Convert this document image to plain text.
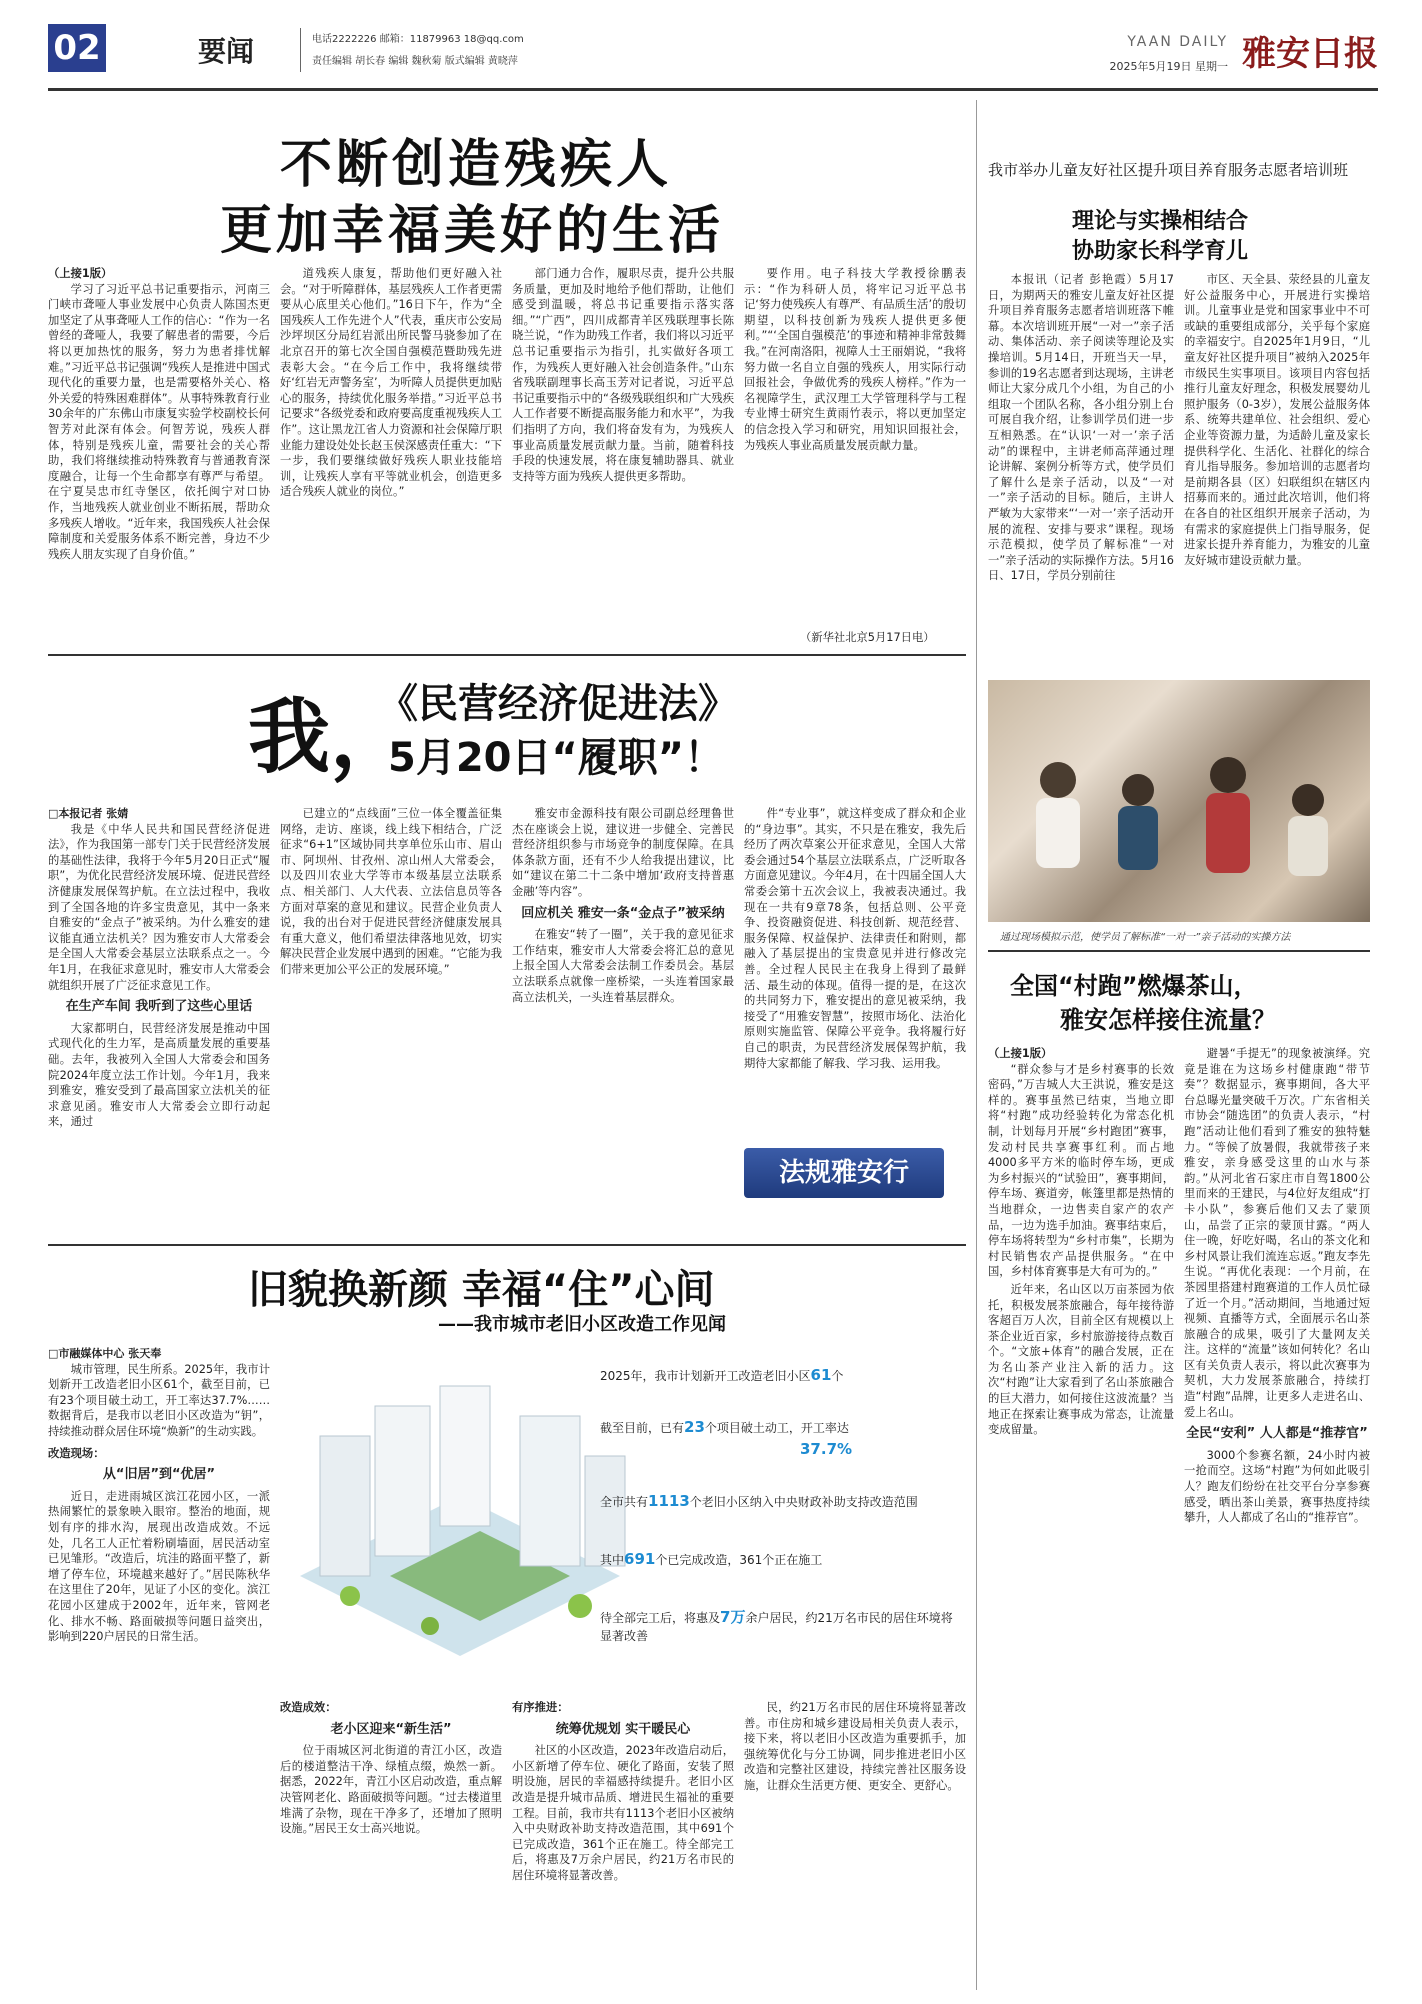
02	要闻	电话2222226 邮箱：11879963 18@qq.com
责任编辑 胡长春 编辑 魏秋菊 版式编辑 黄晓萍
YAAN DAILY
2025年5月19日 星期一 雅安日报
不断创造残疾人
更加幸福美好的生活
（上接1版）

学习了习近平总书记重要指示，河南三门峡市聋哑人事业发展中心负责人陈国杰更加坚定了从事聋哑人工作的信心：“作为一名曾经的聋哑人，我要了解患者的需要，今后将以更加热忱的服务，努力为患者排忧解难。”习近平总书记强调“残疾人是推进中国式现代化的重要力量，也是需要格外关心、格外关爱的特殊困难群体”。从事特殊教育行业30余年的广东佛山市康复实验学校副校长何智芳对此深有体会。何智芳说，残疾人群体，特别是残疾儿童，需要社会的关心帮助，我们将继续推动特殊教育与普通教育深度融合，让每一个生命都享有尊严与希望。在宁夏吴忠市红寺堡区，依托闽宁对口协作，当地残疾人就业创业不断拓展，帮助众多残疾人增收。“近年来，我国残疾人社会保障制度和关爱服务体系不断完善，身边不少残疾人朋友实现了自身价值。”

道残疾人康复，帮助他们更好融入社会。“对于听障群体，基层残疾人工作者更需要从心底里关心他们。”16日下午，作为“全国残疾人工作先进个人”代表，重庆市公安局沙坪坝区分局红岩派出所民警马骁参加了在北京召开的第七次全国自强模范暨助残先进表彰大会。“在今后工作中，我将继续带好‘红岩无声警务室’，为听障人员提供更加贴心的服务，持续优化服务举措。”习近平总书记要求“各级党委和政府要高度重视残疾人工作”。这让黑龙江省人力资源和社会保障厅职业能力建设处处长赵玉侯深感责任重大：“下一步，我们要继续做好残疾人职业技能培训，让残疾人享有平等就业机会，创造更多适合残疾人就业的岗位。”

部门通力合作，履职尽责，提升公共服务质量，更加及时地给予他们帮助，让他们感受到温暖，将总书记重要指示落实落细。”“广西”，四川成都青羊区残联理事长陈晓兰说，“作为助残工作者，我们将以习近平总书记重要指示为指引，扎实做好各项工作，为残疾人更好融入社会创造条件。”山东省残联副理事长高玉芳对记者说，习近平总书记重要指示中的“各级残联组织和广大残疾人工作者要不断提高服务能力和水平”，为我们指明了方向，我们将奋发有为，为残疾人事业高质量发展贡献力量。当前，随着科技手段的快速发展，将在康复辅助器具、就业支持等方面为残疾人提供更多帮助。

要作用。电子科技大学教授徐鹏表示：“作为科研人员，将牢记习近平总书记‘努力使残疾人有尊严、有品质生活’的殷切期望，以科技创新为残疾人提供更多便利。”“‘全国自强模范’的事迹和精神非常鼓舞我。”在河南洛阳，视障人士王丽娟说，“我将努力做一名自立自强的残疾人，用实际行动回报社会，争做优秀的残疾人榜样。”作为一名视障学生，武汉理工大学管理科学与工程专业博士研究生黄雨竹表示，将以更加坚定的信念投入学习和研究，用知识回报社会，为残疾人事业高质量发展贡献力量。

（新华社北京5月17日电）
我，
《民营经济促进法》
5月20日“履职”！
□本报记者 张婧

我是《中华人民共和国民营经济促进法》，作为我国第一部专门关于民营经济发展的基础性法律，我将于今年5月20日正式“履职”，为优化民营经济发展环境、促进民营经济健康发展保驾护航。在立法过程中，我收到了全国各地的许多宝贵意见，其中一条来自雅安的“金点子”被采纳。为什么雅安的建议能直通立法机关？因为雅安市人大常委会是全国人大常委会基层立法联系点之一。今年1月，在我征求意见时，雅安市人大常委会就组织开展了广泛征求意见工作。

在生产车间 我听到了这些心里话

大家都明白，民营经济发展是推动中国式现代化的生力军，是高质量发展的重要基础。去年，我被列入全国人大常委会和国务院2024年度立法工作计划。今年1月，我来到雅安，雅安受到了最高国家立法机关的征求意见函。雅安市人大常委会立即行动起来，通过

已建立的“点线面”三位一体全覆盖征集网络，走访、座谈，线上线下相结合，广泛征求“6+1”区域协同共享单位乐山市、眉山市、阿坝州、甘孜州、凉山州人大常委会，以及四川农业大学等市本级基层立法联系点、相关部门、人大代表、立法信息员等各方面对草案的意见和建议。民营企业负责人说，我的出台对于促进民营经济健康发展具有重大意义，他们希望法律落地见效，切实解决民营企业发展中遇到的困难。“它能为我们带来更加公平公正的发展环境。”

雅安市金源科技有限公司副总经理鲁世杰在座谈会上说，建议进一步健全、完善民营经济组织参与市场竞争的制度保障。在具体条款方面，还有不少人给我提出建议，比如“建议在第二十二条中增加‘政府支持普惠金融’等内容”。

回应机关 雅安一条“金点子”被采纳

在雅安“转了一圈”，关于我的意见征求工作结束，雅安市人大常委会将汇总的意见上报全国人大常委会法制工作委员会。基层立法联系点就像一座桥梁，一头连着国家最高立法机关，一头连着基层群众。

件“专业事”，就这样变成了群众和企业的“身边事”。其实，不只是在雅安，我先后经历了两次草案公开征求意见，全国人大常委会通过54个基层立法联系点，广泛听取各方面意见建议。今年4月，在十四届全国人大常委会第十五次会议上，我被表决通过。我现在一共有9章78条，包括总则、公平竞争、投资融资促进、科技创新、规范经营、服务保障、权益保护、法律责任和附则，都融入了基层提出的宝贵意见并进行修改完善。全过程人民民主在我身上得到了最鲜活、最生动的体现。值得一提的是，在这次的共同努力下，雅安提出的意见被采纳，我接受了“用雅安智慧”，按照市场化、法治化原则实施监管、保障公平竞争。我将履行好自己的职责，为民营经济发展保驾护航，我期待大家都能了解我、学习我、运用我。

法规雅安行
旧貌换新颜 幸福“住”心间
——我市城市老旧小区改造工作见闻
□市融媒体中心 张天奉

城市管理，民生所系。2025年，我市计划新开工改造老旧小区61个，截至目前，已有23个项目破土动工，开工率达37.7%……数据背后，是我市以老旧小区改造为“钥”，持续推动群众居住环境“焕新”的生动实践。

改造现场：
从“旧居”到“优居”

近日，走进雨城区滨江花园小区，一派热闹繁忙的景象映入眼帘。整治的地面，规划有序的排水沟，展现出改造成效。不远处，几名工人正忙着粉刷墙面，居民活动室已见雏形。“改造后，坑洼的路面平整了，新增了停车位，环境越来越好了。”居民陈秋华在这里住了20年，见证了小区的变化。滨江花园小区建成于2002年，近年来，管网老化、排水不畅、路面破损等问题日益突出，影响到220户居民的日常生活。

2025年，我市计划新开工改造老旧小区61个
截至目前，已有23个项目破土动工，开工率达
37.7%
全市共有1113个老旧小区纳入中央财政补助支持改造范围
其中691个已完成改造，361个正在施工
待全部完工后，将惠及7万余户居民，约21万名市民的居住环境将显著改善
改造成效：
老小区迎来“新生活”

位于雨城区河北街道的青江小区，改造后的楼道整洁干净、绿植点缀，焕然一新。据悉，2022年，青江小区启动改造，重点解决管网老化、路面破损等问题。“过去楼道里堆满了杂物，现在干净多了，还增加了照明设施。”居民王女士高兴地说。

有序推进：
统筹优规划 实干暖民心

社区的小区改造，2023年改造启动后，小区新增了停车位、硬化了路面，安装了照明设施，居民的幸福感持续提升。老旧小区改造是提升城市品质、增进民生福祉的重要工程。目前，我市共有1113个老旧小区被纳入中央财政补助支持改造范围，其中691个已完成改造，361个正在施工。待全部完工后，将惠及7万余户居民，约21万名市民的居住环境将显著改善。

民，约21万名市民的居住环境将显著改善。市住房和城乡建设局相关负责人表示，接下来，将以老旧小区改造为重要抓手，加强统筹优化与分工协调，同步推进老旧小区改造和完整社区建设，持续完善社区服务设施，让群众生活更方便、更安全、更舒心。

我市举办儿童友好社区提升项目养育服务志愿者培训班
理论与实操相结合
协助家长科学育儿

本报讯（记者 彭艳霞）5月17日，为期两天的雅安儿童友好社区提升项目养育服务志愿者培训班落下帷幕。本次培训班开展“一对一”亲子活动、集体活动、亲子阅读等理论及实操培训。5月14日，开班当天一早，参训的19名志愿者到达现场，主讲老师让大家分成几个小组，为自己的小组取一个团队名称，各小组分别上台可展自我介绍，让参训学员们进一步互相熟悉。在“认识‘一对一’亲子活动”的课程中，主讲老师高萍通过理论讲解、案例分析等方式，使学员们了解什么是亲子活动，以及“一对一”亲子活动的目标。随后，主讲人严敏为大家带来“‘一对一’亲子活动开展的流程、安排与要求”课程。现场示范模拟，使学员了解标准“一对一”亲子活动的实际操作方法。5月16日、17日，学员分别前往

市区、天全县、荥经县的儿童友好公益服务中心，开展进行实操培训。儿童事业是党和国家事业中不可或缺的重要组成部分，关乎每个家庭的幸福安宁。自2025年1月9日，“儿童友好社区提升项目”被纳入2025年市级民生实事项目。该项目内容包括推行儿童友好理念，积极发展婴幼儿照护服务（0-3岁），发展公益服务体系、统筹共建单位、社会组织、爱心企业等资源力量，为适龄儿童及家长提供科学化、生活化、社群化的综合育儿指导服务。参加培训的志愿者均是前期各县（区）妇联组织在辖区内招募而来的。通过此次培训，他们将在各自的社区组织开展亲子活动，为有需求的家庭提供上门指导服务，促进家长提升养育能力，为雅安的儿童友好城市建设贡献力量。

通过现场模拟示范，使学员了解标准“一对一”亲子活动的实操方法
全国“村跑”燃爆茶山，
雅安怎样接住流量？
（上接1版）

“群众参与才是乡村赛事的长效密码，”万吉城人大王洪说，雅安是这样的。赛事虽然已结束，当地立即将“村跑”成功经验转化为常态化机制，计划每月开展“乡村跑团”赛事，发动村民共享赛事红利。而占地4000多平方米的临时停车场，更成为乡村振兴的“试验田”，赛事期间，停车场、赛道旁，帐篷里都是热情的当地群众，一边售卖自家产的农产品，一边为选手加油。赛事结束后，停车场将转型为“乡村市集”，长期为村民销售农产品提供服务。“在中国，乡村体育赛事是大有可为的。”

近年来，名山区以万亩茶园为依托，积极发展茶旅融合，每年接待游客超百万人次，目前全区有规模以上茶企业近百家，乡村旅游接待点数百个。“文旅+体育”的融合发展，正在为名山茶产业注入新的活力。这次“村跑”让大家看到了名山茶旅融合的巨大潜力，如何接住这波流量？当地正在探索让赛事成为常态，让流量变成留量。

避暑“手提无”的现象被演绎。究竟是谁在为这场乡村健康跑“带节奏”？数据显示，赛事期间，各大平台总曝光量突破千万次。广东省相关市协会“随选团”的负责人表示，“村跑”活动让他们看到了雅安的独特魅力。“等候了放暑假，我就带孩子来雅安，亲身感受这里的山水与茶韵。”从河北省石家庄市自驾1800公里而来的王建民，与4位好友组成“打卡小队”，参赛后他们又去了蒙顶山，品尝了正宗的蒙顶甘露。“两人住一晚，好吃好喝，名山的茶文化和乡村风景让我们流连忘返。”跑友李先生说。“再优化表现：一个月前，在茶园里搭建村跑赛道的工作人员忙碌了近一个月。”活动期间，当地通过短视频、直播等方式，全面展示名山茶旅融合的成果，吸引了大量网友关注。这样的“流量”该如何转化？名山区有关负责人表示，将以此次赛事为契机，大力发展茶旅融合，持续打造“村跑”品牌，让更多人走进名山、爱上名山。

全民“安利” 人人都是“推荐官”

3000个参赛名额，24小时内被一抢而空。这场“村跑”为何如此吸引人？跑友们纷纷在社交平台分享参赛感受，晒出茶山美景，赛事热度持续攀升，人人都成了名山的“推荐官”。
